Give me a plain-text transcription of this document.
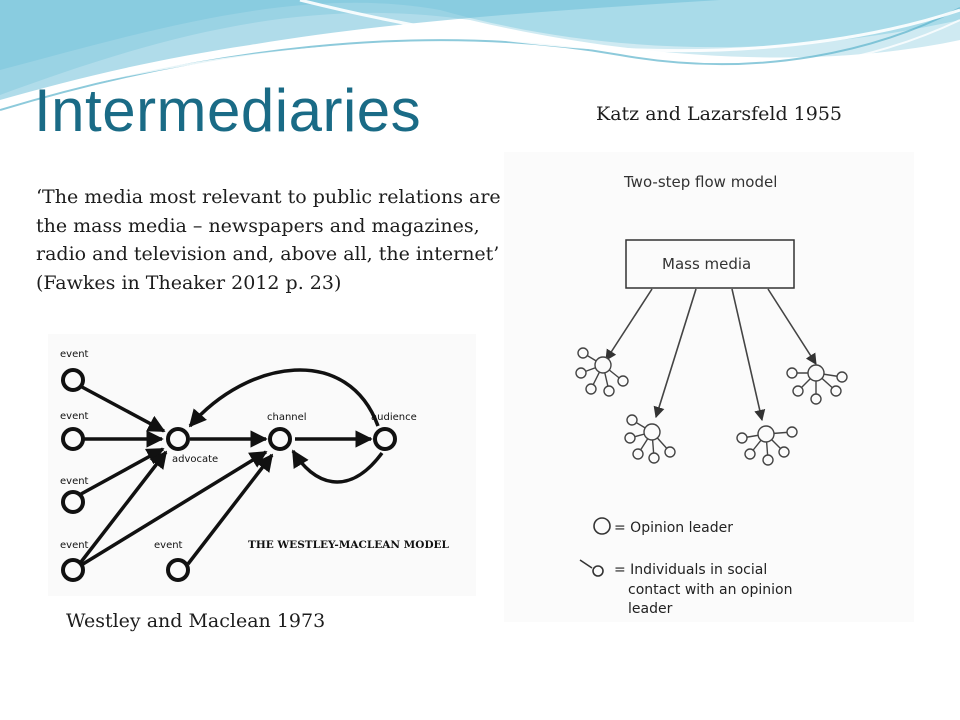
Intermediaries	Katz and Lazarsfeld 1955
‘The media most relevant to public relations are
the mass media – newspapers and magazines,
radio and television and, above all, the internet’
(Fawkes in Theaker 2012 p. 23)
event
event
event
event	event
advocate
channel	audience
THE WESTLEY-MACLEAN MODEL
Two-step flow model
Mass media
= Opinion leader
= Individuals in social
contact with an opinion
leader
Westley and Maclean 1973
